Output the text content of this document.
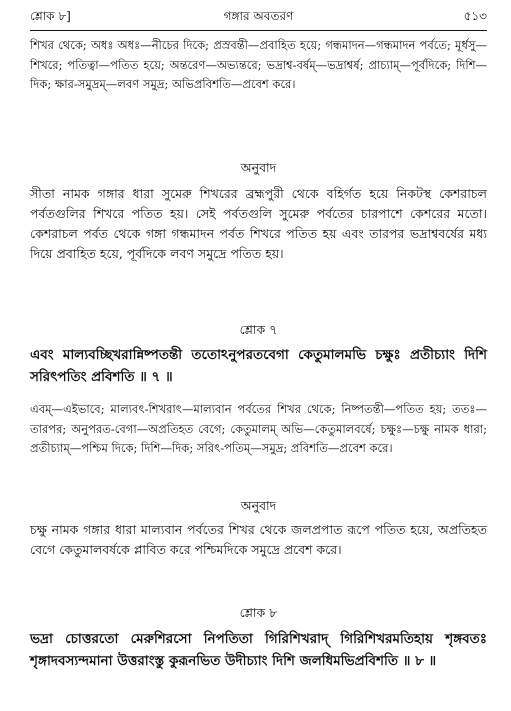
শ্লোক ৮]	গঙ্গার অবতরণ	৫১৩
শিখর থেকে; অধঃ অধঃ—নীচের দিকে; প্রস্রবন্তী—প্রবাহিত হয়ে; গন্ধমাদন—গন্ধমাদন পর্বতে; মূর্ধসু—শিখরে; পতিত্বা—পতিত হয়ে; অন্তরেণ—অভ্যন্তরে; ভদ্রাশ্ব-বর্ষম্—ভদ্রাশ্বর্ষ; প্রাচ্যাম্—পূর্বদিকে; দিশি—দিক; ক্ষার-সমুদ্রম্—লবণ সমুদ্র; অভিপ্রবিশতি—প্রবেশ করে।
অনুবাদ
সীতা নামক গঙ্গার ধারা সুমেরু শিখরের ব্রহ্মপুরী থেকে বহির্গত হয়ে নিকটস্থ কেশরাচল পর্বতগুলির শিখরে পতিত হয়। সেই পর্বতগুলি সুমেরু পর্বতের চারপাশে কেশরের মতো। কেশরাচল পর্বত থেকে গঙ্গা গন্ধমাদন পর্বত শিখরে পতিত হয় এবং তারপর ভদ্রাশ্ববর্ষের মধ্য দিয়ে প্রবাহিত হয়ে, পূর্বদিকে লবণ সমুদ্রে পতিত হয়।
শ্লোক ৭
এবং মাল্যবচ্ছিখরান্নিষ্পতন্তী ততোঽনুপরতবেগা কেতুমালমভি চক্ষুঃ প্রতীচ্যাং দিশি সরিৎপতিং প্রবিশতি ॥ ৭ ॥
এবম্—এইভাবে; মাল্যবৎ-শিখরাৎ—মাল্যবান পর্বতের শিখর থেকে; নিষ্পতন্তী—পতিত হয়; ততঃ—তারপর; অনুপরত-বেগা—অপ্রতিহত বেগে; কেতুমালম্ অভি—কেতুমালবর্ষে; চক্ষুঃ—চক্ষু নামক ধারা; প্রতীচ্যাম্—পশ্চিম দিকে; দিশি—দিক; সরিৎ-পতিম্—সমুদ্র; প্রবিশতি—প্রবেশ করে।
অনুবাদ
চক্ষু নামক গঙ্গার ধারা মাল্যবান পর্বতের শিখর থেকে জলপ্রপাত রূপে পতিত হয়ে, অপ্রতিহত বেগে কেতুমালবর্ষকে প্লাবিত করে পশ্চিমদিকে সমুদ্রে প্রবেশ করে।
শ্লোক ৮
ভদ্রা চোত্তরতো মেরুশিরসো নিপতিতা গিরিশিখরাদ্ গিরিশিখরমতিহায় শৃঙ্গবতঃ শৃঙ্গাদবস্যন্দমানা উত্তরাংস্তু কুরূনভিত উদীচ্যাং দিশি জলধিমভিপ্রবিশতি ॥ ৮ ॥
